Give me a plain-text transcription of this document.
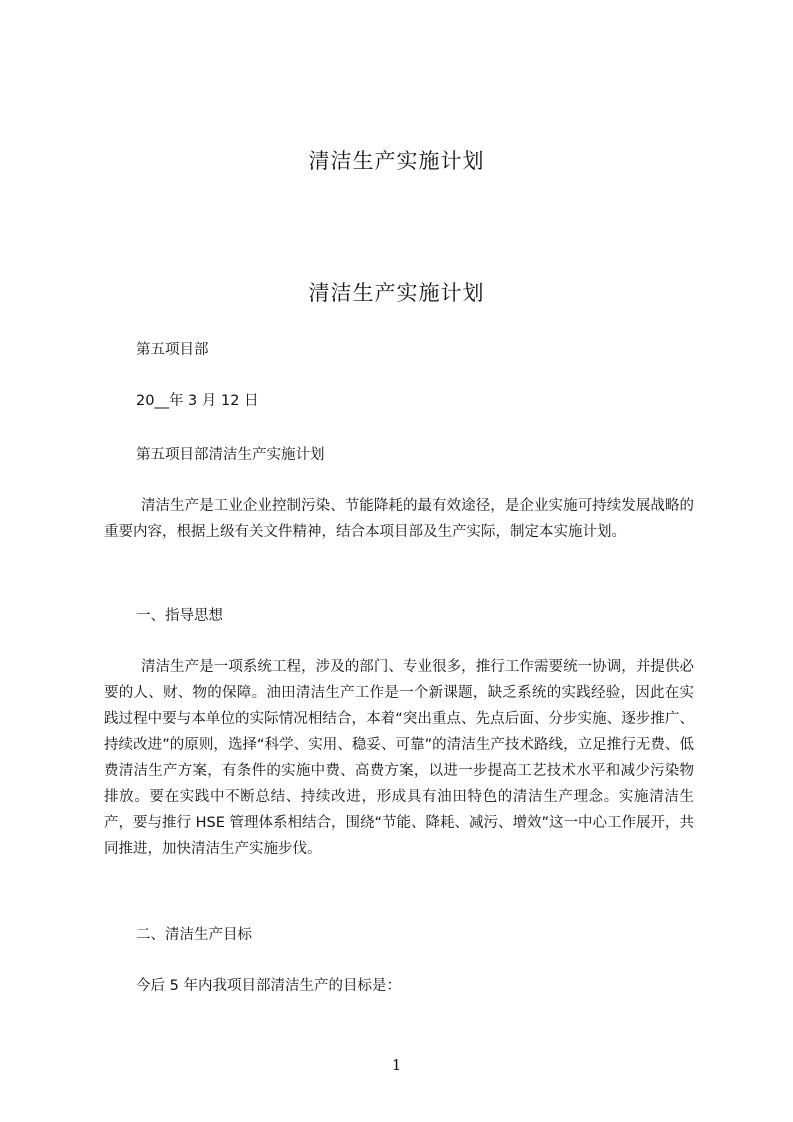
清洁生产实施计划
清洁生产实施计划
第五项目部
20__年 3 月 12 日
第五项目部清洁生产实施计划
清洁生产是工业企业控制污染、节能降耗的最有效途径，是企业实施可持续发展战略的重要内容，根据上级有关文件精神，结合本项目部及生产实际，制定本实施计划。
一、指导思想
清洁生产是一项系统工程，涉及的部门、专业很多，推行工作需要统一协调，并提供必要的人、财、物的保障。油田清洁生产工作是一个新课题，缺乏系统的实践经验，因此在实践过程中要与本单位的实际情况相结合，本着“突出重点、先点后面、分步实施、逐步推广、持续改进”的原则，选择“科学、实用、稳妥、可靠”的清洁生产技术路线，立足推行无费、低费清洁生产方案，有条件的实施中费、高费方案，以进一步提高工艺技术水平和减少污染物排放。要在实践中不断总结、持续改进，形成具有油田特色的清洁生产理念。实施清洁生产，要与推行 HSE 管理体系相结合，围绕“节能、降耗、减污、增效”这一中心工作展开，共同推进，加快清洁生产实施步伐。
二、清洁生产目标
今后 5 年内我项目部清洁生产的目标是：
1
